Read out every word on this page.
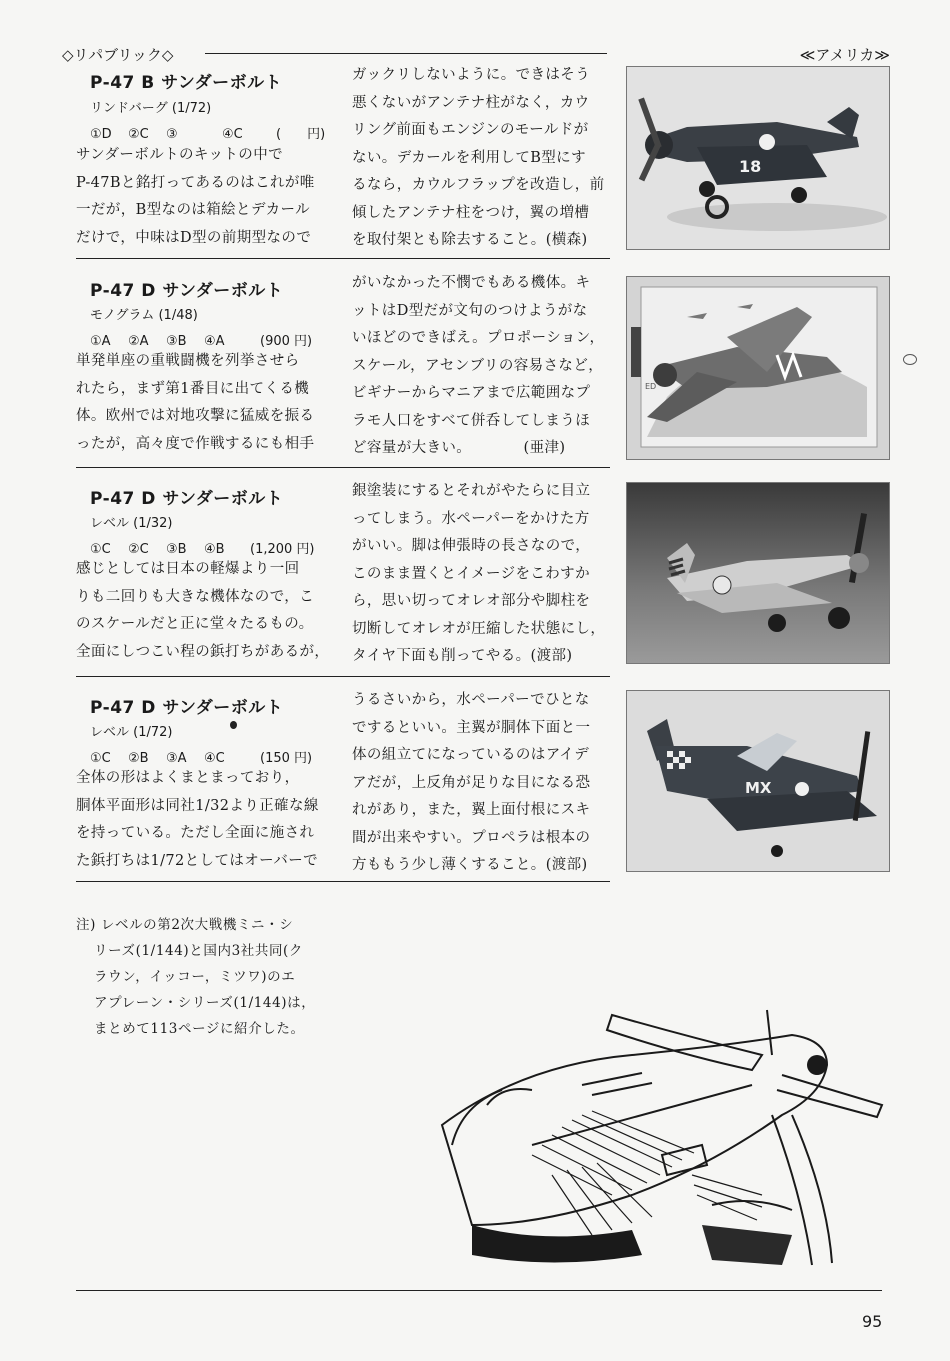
◇リパブリック◇	≪アメリカ≫
P-47 B サンダーボルト
リンドバーグ (1/72)
①D ②C ③	④C	(　　円)
サンダーボルトのキットの中で
P-47Bと銘打ってあるのはこれが唯
一だが，B型なのは箱絵とデカール
だけで，中味はD型の前期型なので
ガックリしないように。できはそう
悪くないがアンテナ柱がなく，カウ
リング前面もエンジンのモールドが
ない。デカールを利用してB型にす
るなら，カウルフラップを改造し，前
傾したアンテナ柱をつけ，翼の増槽
を取付架とも除去すること。(横森)
18
P-47 D サンダーボルト
モノグラム (1/48)
①A ②A ③B ④A	(900 円)
単発単座の重戦闘機を列挙させら
れたら，まず第1番目に出てくる機
体。欧州では対地攻撃に猛威を振る
ったが，高々度で作戦するにも相手
がいなかった不憫でもある機体。キ
ットはD型だが文句のつけようがな
いほどのできばえ。プロポーション，
スケール，アセンブリの容易さなど，
ビギナーからマニアまで広範囲なプ
ラモ人口をすべて併呑してしまうほ
ど容量が大きい。　　　　(亜津)
ED
P-47 D サンダーボルト
レベル (1/32)
①C ②C ③B ④B (1,200 円)
感じとしては日本の軽爆より一回
りも二回りも大きな機体なので，こ
のスケールだと正に堂々たるもの。
全面にしつこい程の鋲打ちがあるが，
銀塗装にするとそれがやたらに目立
ってしまう。水ペーパーをかけた方
がいい。脚は伸張時の長さなので，
このまま置くとイメージをこわすか
ら，思い切ってオレオ部分や脚柱を
切断してオレオが圧縮した状態にし，
タイヤ下面も削ってやる。(渡部)
P-47 D サンダーボルト
レベル (1/72)
①C ②B ③A ④C	(150 円)
全体の形はよくまとまっており，
胴体平面形は同社1/32より正確な線
を持っている。ただし全面に施され
た鋲打ちは1/72としてはオーバーで
うるさいから，水ペーパーでひとな
でするといい。主翼が胴体下面と一
体の組立てになっているのはアイデ
アだが，上反角が足りな目になる恐
れがあり，また，翼上面付根にスキ
間が出来やすい。プロペラは根本の
方ももう少し薄くすること。(渡部)
MX
注) レベルの第2次大戦機ミニ・シ
リーズ(1/144)と国内3社共同(ク
ラウン，イッコー，ミツワ)のエ
アプレーン・シリーズ(1/144)は，
まとめて113ページに紹介した。
95
